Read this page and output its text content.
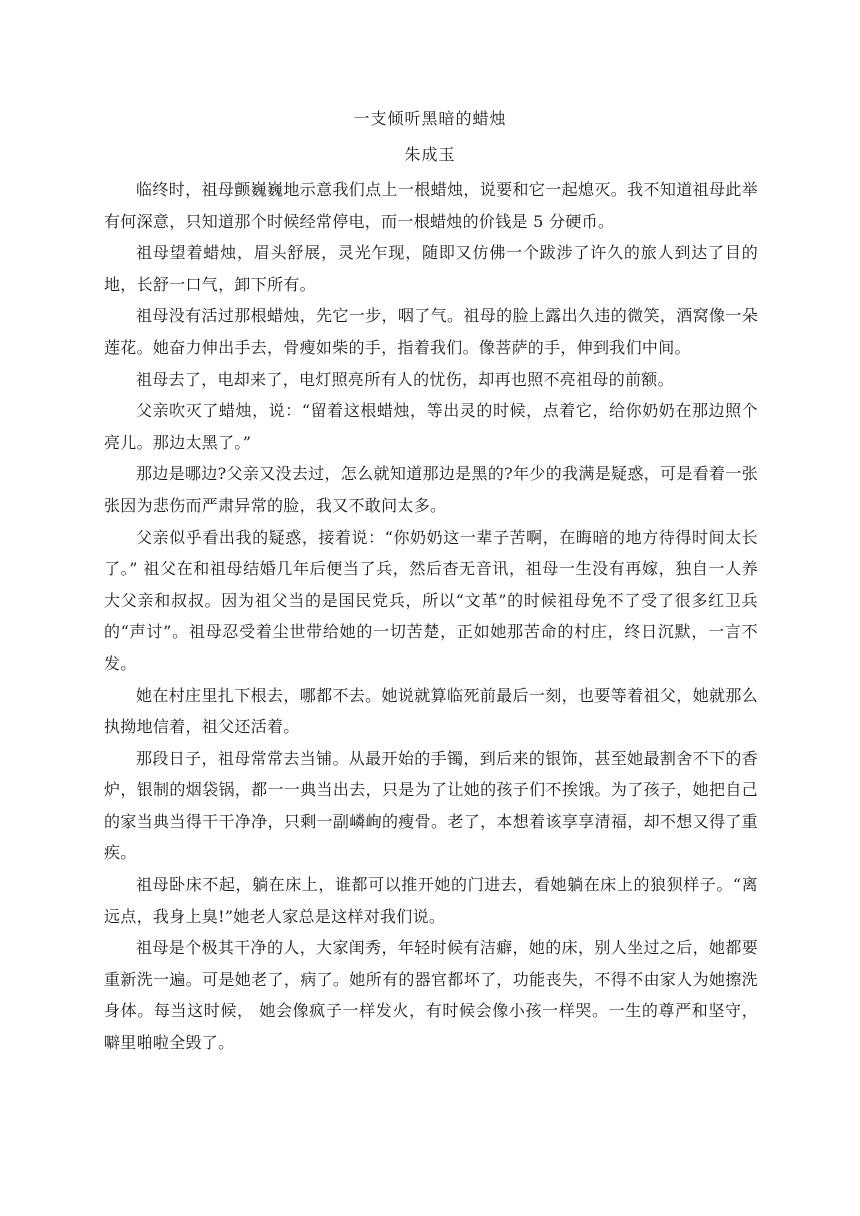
一支倾听黑暗的蜡烛
朱成玉

临终时，祖母颤巍巍地示意我们点上一根蜡烛，说要和它一起熄灭。我不知道祖母此举有何深意，只知道那个时候经常停电，而一根蜡烛的价钱是 5 分硬币。

祖母望着蜡烛，眉头舒展，灵光乍现，随即又仿佛一个跋涉了许久的旅人到达了目的地，长舒一口气，卸下所有。

祖母没有活过那根蜡烛，先它一步，咽了气。祖母的脸上露出久违的微笑，酒窝像一朵莲花。她奋力伸出手去，骨瘦如柴的手，指着我们。像菩萨的手，伸到我们中间。

祖母去了，电却来了，电灯照亮所有人的忧伤，却再也照不亮祖母的前额。

父亲吹灭了蜡烛，说：“留着这根蜡烛，等出灵的时候，点着它，给你奶奶在那边照个亮儿。那边太黑了。”

那边是哪边?父亲又没去过，怎么就知道那边是黑的?年少的我满是疑惑，可是看着一张张因为悲伤而严肃异常的脸，我又不敢问太多。

父亲似乎看出我的疑惑，接着说：“你奶奶这一辈子苦啊，在晦暗的地方待得时间太长了。” 祖父在和祖母结婚几年后便当了兵，然后杳无音讯，祖母一生没有再嫁，独自一人养大父亲和叔叔。因为祖父当的是国民党兵，所以“文革”的时候祖母免不了受了很多红卫兵的“声讨”。祖母忍受着尘世带给她的一切苦楚，正如她那苦命的村庄，终日沉默，一言不发。

她在村庄里扎下根去，哪都不去。她说就算临死前最后一刻，也要等着祖父，她就那么执拗地信着，祖父还活着。

那段日子，祖母常常去当铺。从最开始的手镯，到后来的银饰，甚至她最割舍不下的香炉，银制的烟袋锅，都一一典当出去，只是为了让她的孩子们不挨饿。为了孩子，她把自己的家当典当得干干净净，只剩一副嶙峋的瘦骨。老了，本想着该享享清福，却不想又得了重疾。

祖母卧床不起，躺在床上，谁都可以推开她的门进去，看她躺在床上的狼狈样子。“离远点，我身上臭!”她老人家总是这样对我们说。

祖母是个极其干净的人，大家闺秀，年轻时候有洁癖，她的床，别人坐过之后，她都要重新洗一遍。可是她老了，病了。她所有的器官都坏了，功能丧失，不得不由家人为她擦洗身体。每当这时候， 她会像疯子一样发火，有时候会像小孩一样哭。一生的尊严和坚守，噼里啪啦全毁了。
